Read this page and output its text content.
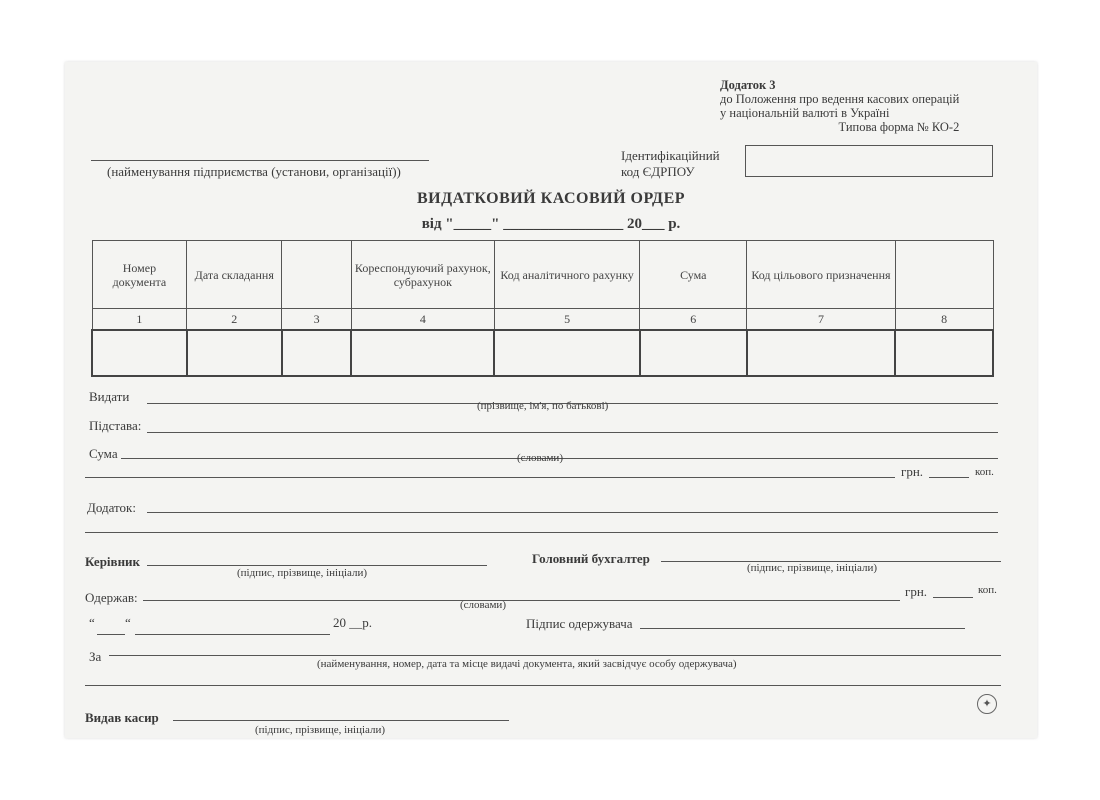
Додаток 3
до Положення про ведення касових операцій
у національній валюті в Україні
Типова форма № КО-2
(найменування підприємства (установи, організації))
Ідентифікаційний
код ЄДРПОУ
ВИДАТКОВИЙ КАСОВИЙ ОРДЕР
від "_____" ________________ 20___ р.
Номер документа	Дата складання		Кореспондуючий рахунок, субрахунок	Код аналітичного рахунку	Сума	Код цільового призначення	
1	2	3	4	5	6	7	8

Видати
(прізвище, ім'я, по батькові)
Підстава:
Сума	(словами)
грн.	коп.
Додаток:
Керівник
(підпис, прізвище, ініціали)
Головний бухгалтер
(підпис, прізвище, ініціали)
Одержав:	(словами)
грн.	коп.
“ “	20 __р.	Підпис одержувача
За	(найменування, номер, дата та місце видачі документа, який засвідчує особу одержувача)
Видав касир
(підпис, прізвище, ініціали)
✦
